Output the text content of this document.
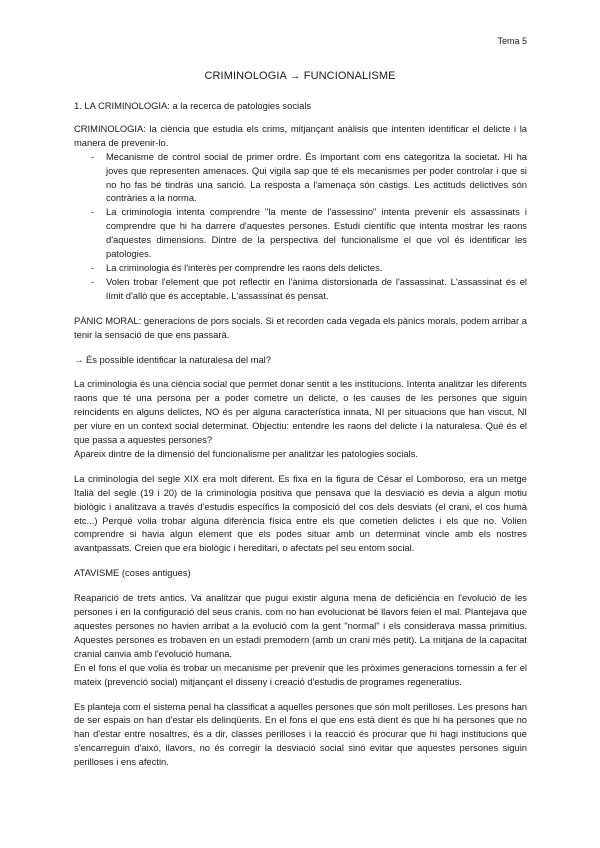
Tema 5
CRIMINOLOGIA → FUNCIONALISME

1. LA CRIMINOLOGIA: a la recerca de patologies socials

CRIMINOLOGIA: la ciència que estudia els crims, mitjançant anàlisis que intenten identificar el delicte i la manera de prevenir-lo.

- Mecanisme de control social de primer ordre. És important com ens categoritza la societat. Hi ha joves que representen amenaces. Qui vigila sap que té els mecanismes per poder controlar i que si no ho fas bé tindràs una sanció. La resposta a l'amenaça són càstigs. Les actituds delictives són contràries a la norma.
- La criminologia intenta comprendre "la mente de l'assessino" intenta prevenir els assassinats i comprendre que hi ha darrere d'aquestes persones. Estudi científic que intenta mostrar les raons d'aquestes dimensions. Dintre de la perspectiva del funcionalisme el que vol és identificar les patologies.
- La criminologia és l'interès per comprendre les raons dels delictes.
- Volen trobar l'element que pot reflectir en l'ànima distorsionada de l'assassinat. L'assassinat és el límit d'allò que és acceptable. L'assassinat és pensat.

PÀNIC MORAL: generacions de pors socials. Si et recorden cada vegada els pànics morals, podem arribar a tenir la sensació de que ens passarà.

→ És possible identificar la naturalesa del mal?

La criminologia és una ciència social que permet donar sentit a les institucions. Intenta analitzar les diferents raons que té una persona per a poder cometre un delicte, o les causes de les persones que siguin reincidents en alguns delictes, NO és per alguna característica innata, NI per situacions que han viscut, NI per viure en un context social determinat. Objectiu: entendre les raons del delicte i la naturalesa. Què és el que passa a aquestes persones?

Apareix dintre de la dimensió del funcionalisme per analitzar les patologies socials.

La criminologia del segle XIX era molt diferent. Es fixa en la figura de César el Lomboroso, era un metge Italià del segle (19 i 20) de la criminologia positiva que pensava que la desviació es devia a algun motiu biològic i analitzava a través d'estudis específics la composició del cos dels desviats (el crani, el cos humà etc...) Perquè volia trobar alguna diferència física entre els que cometien delictes i els que no. Volien comprendre si havia algun element que els podes situar amb un determinat vincle amb els nostres avantpassats. Creien que era biològic i hereditari, o afectats pel seu entorn social.

ATAVISME (coses antigues)

Reaparició de trets antics. Va analitzar que pugui existir alguna mena de deficiència en l'evolució de les persones i en la configuració del seus cranis. com no han evolucionat bé llavors feien el mal. Plantejava que aquestes persones no havien arribat a la evolució com la gent "normal" i els considerava massa primitius. Aquestes persones es trobaven en un estadi premodern (amb un crani més petit). La mitjana de la capacitat cranial canvia amb l'evolució humana.

En el fons el que volia és trobar un mecanisme per prevenir que les pròximes generacions tornessin a fer el mateix (prevenció social) mitjançant el disseny i creació d'estudis de programes regeneratius.

Es planteja com el sistema penal ha classificat a aquelles persones que són molt perilloses. Les presons han de ser espais on han d'estar els delinqüents. En el fons el que ens està dient és que hi ha persones que no han d'estar entre nosaltres, és a dir, classes perilloses i la reacció és procurar que hi hagi institucions que s'encarreguin d'això, llavors, no és corregir la desviació social sinó evitar que aquestes persones siguin perilloses i ens afectin.
